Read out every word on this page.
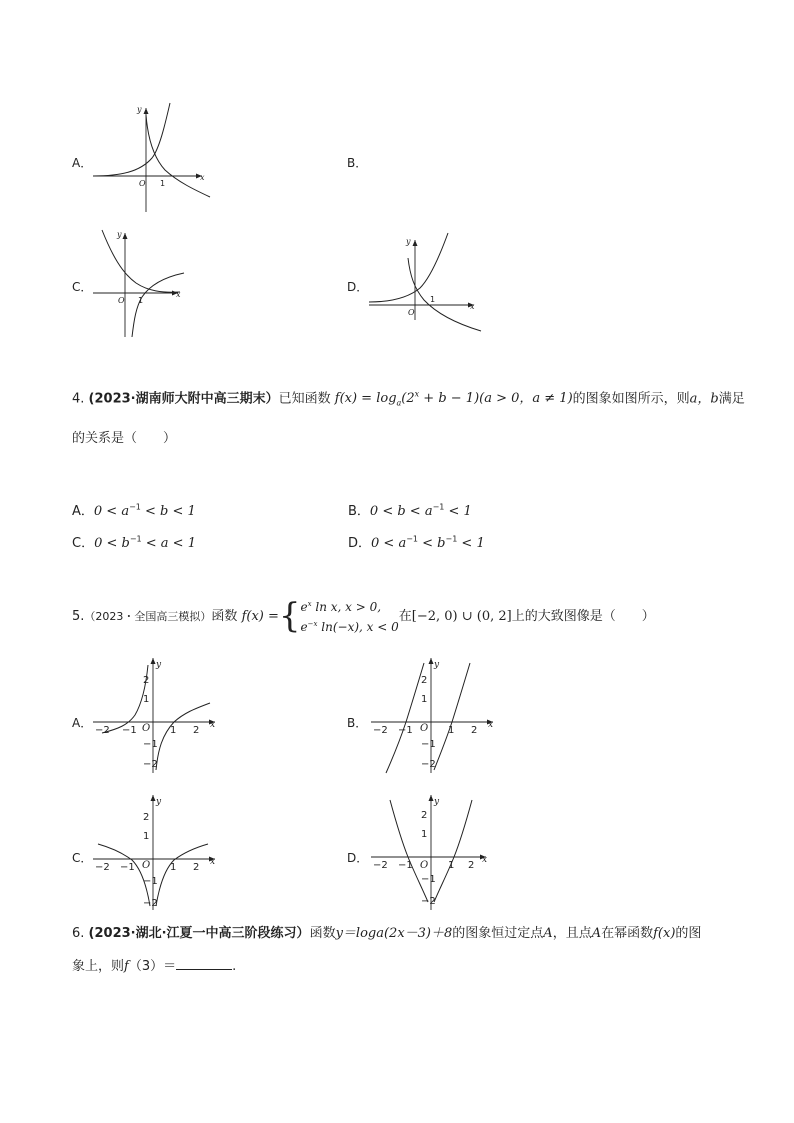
A．
x
y
O 1
B．
C．
x
y
O 1
D．
x
y
O
1
4. (2023·湖南师大附中高三期末）已知函数 $f(x) = \log_a(2^x + b - 1)(a > 0$，a ≠ 1)的图象如图所示，则a，b满足
的关系是（　　）
A．$0 < a^{-1} < b < 1$	B．$0 < b < a^{-1} < 1$
C．$0 < b^{-1} < a < 1$	D．$0 < a^{-1} < b^{-1} < 1$
5.（2023・全国高三模拟）函数 $f(x) =\{e^x$ ln x, x > 0,
$e^{-x}$ ln(−x), x < 0在[−2, 0) ∪ (0, 2]上的大致图像是（　　）
A．	x
y
O
−2 −1	1 2
2
1
−1
−2
B．	x
y
O
−2 −1	1 2
2
1
−1
−2
C．	x
y
O
−2 −1	1 2
2
1
−1
−2
D．	x
y
O
−2 −1	1 2
2
1
−1
−2
6. (2023·湖北·江夏一中高三阶段练习）函数y＝loga(2x－3)＋8的图象恒过定点A，且点A在幂函数f(x)的图
象上，则f（3）＝	.
